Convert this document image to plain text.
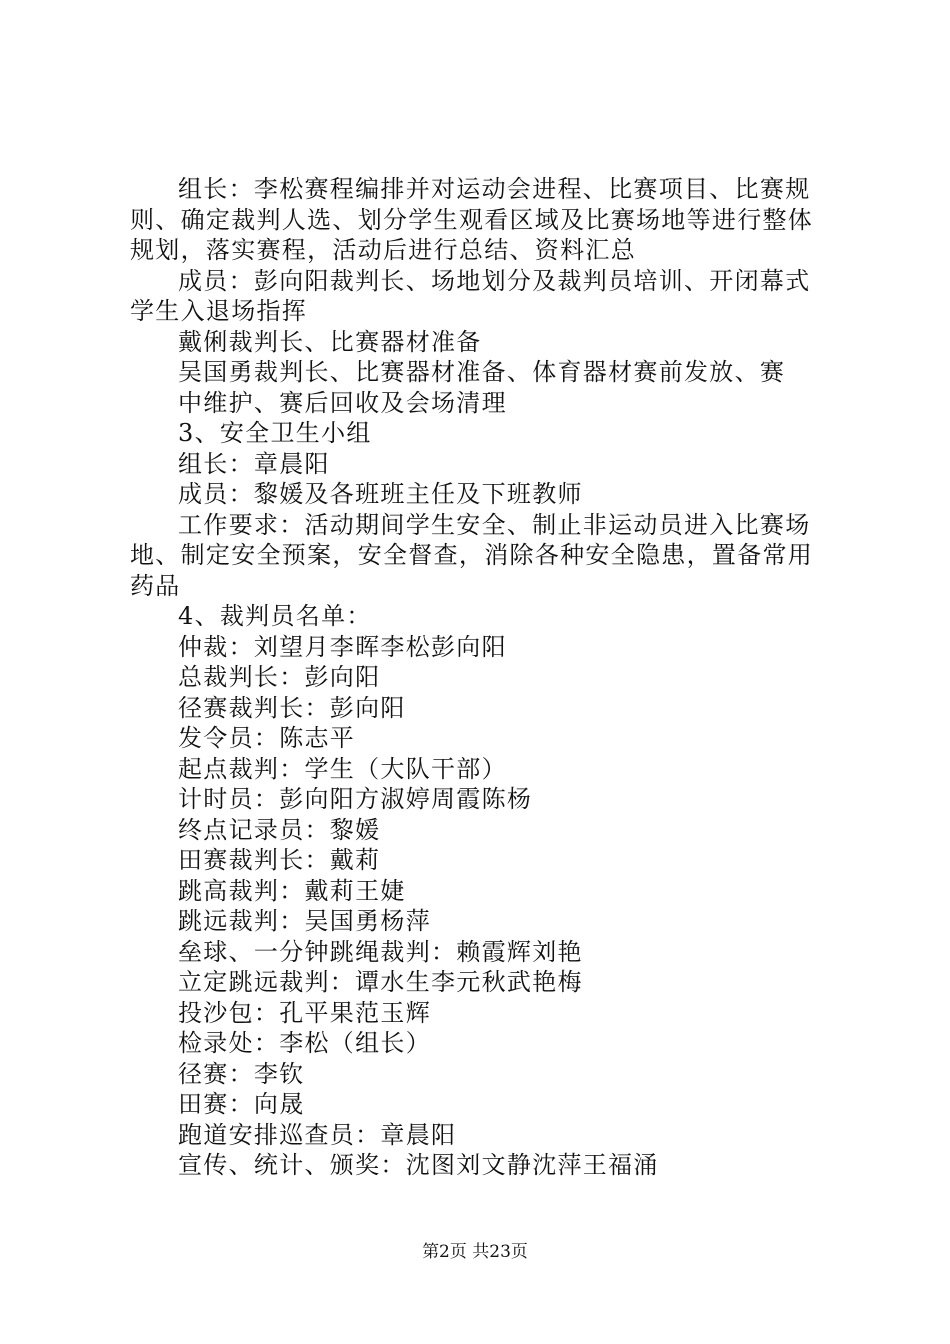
组长：李松赛程编排并对运动会进程、比赛项目、比赛规
则、确定裁判人选、划分学生观看区域及比赛场地等进行整体
规划，落实赛程，活动后进行总结、资料汇总
成员：彭向阳裁判长、场地划分及裁判员培训、开闭幕式
学生入退场指挥
戴俐裁判长、比赛器材准备
吴国勇裁判长、比赛器材准备、体育器材赛前发放、赛
中维护、赛后回收及会场清理
3、安全卫生小组
组长：章晨阳
成员：黎媛及各班班主任及下班教师
工作要求：活动期间学生安全、制止非运动员进入比赛场
地、制定安全预案，安全督查，消除各种安全隐患，置备常用
药品
4、裁判员名单：
仲裁：刘望月李晖李松彭向阳
总裁判长：彭向阳
径赛裁判长：彭向阳
发令员：陈志平
起点裁判：学生（大队干部）
计时员：彭向阳方淑婷周霞陈杨
终点记录员：黎媛
田赛裁判长：戴莉
跳高裁判：戴莉王婕
跳远裁判：吴国勇杨萍
垒球、一分钟跳绳裁判：赖霞辉刘艳
立定跳远裁判：谭水生李元秋武艳梅
投沙包：孔平果范玉辉
检录处：李松（组长）
径赛：李钦
田赛：向晟
跑道安排巡查员：章晨阳
宣传、统计、颁奖：沈图刘文静沈萍王福涌
第2页 共23页
